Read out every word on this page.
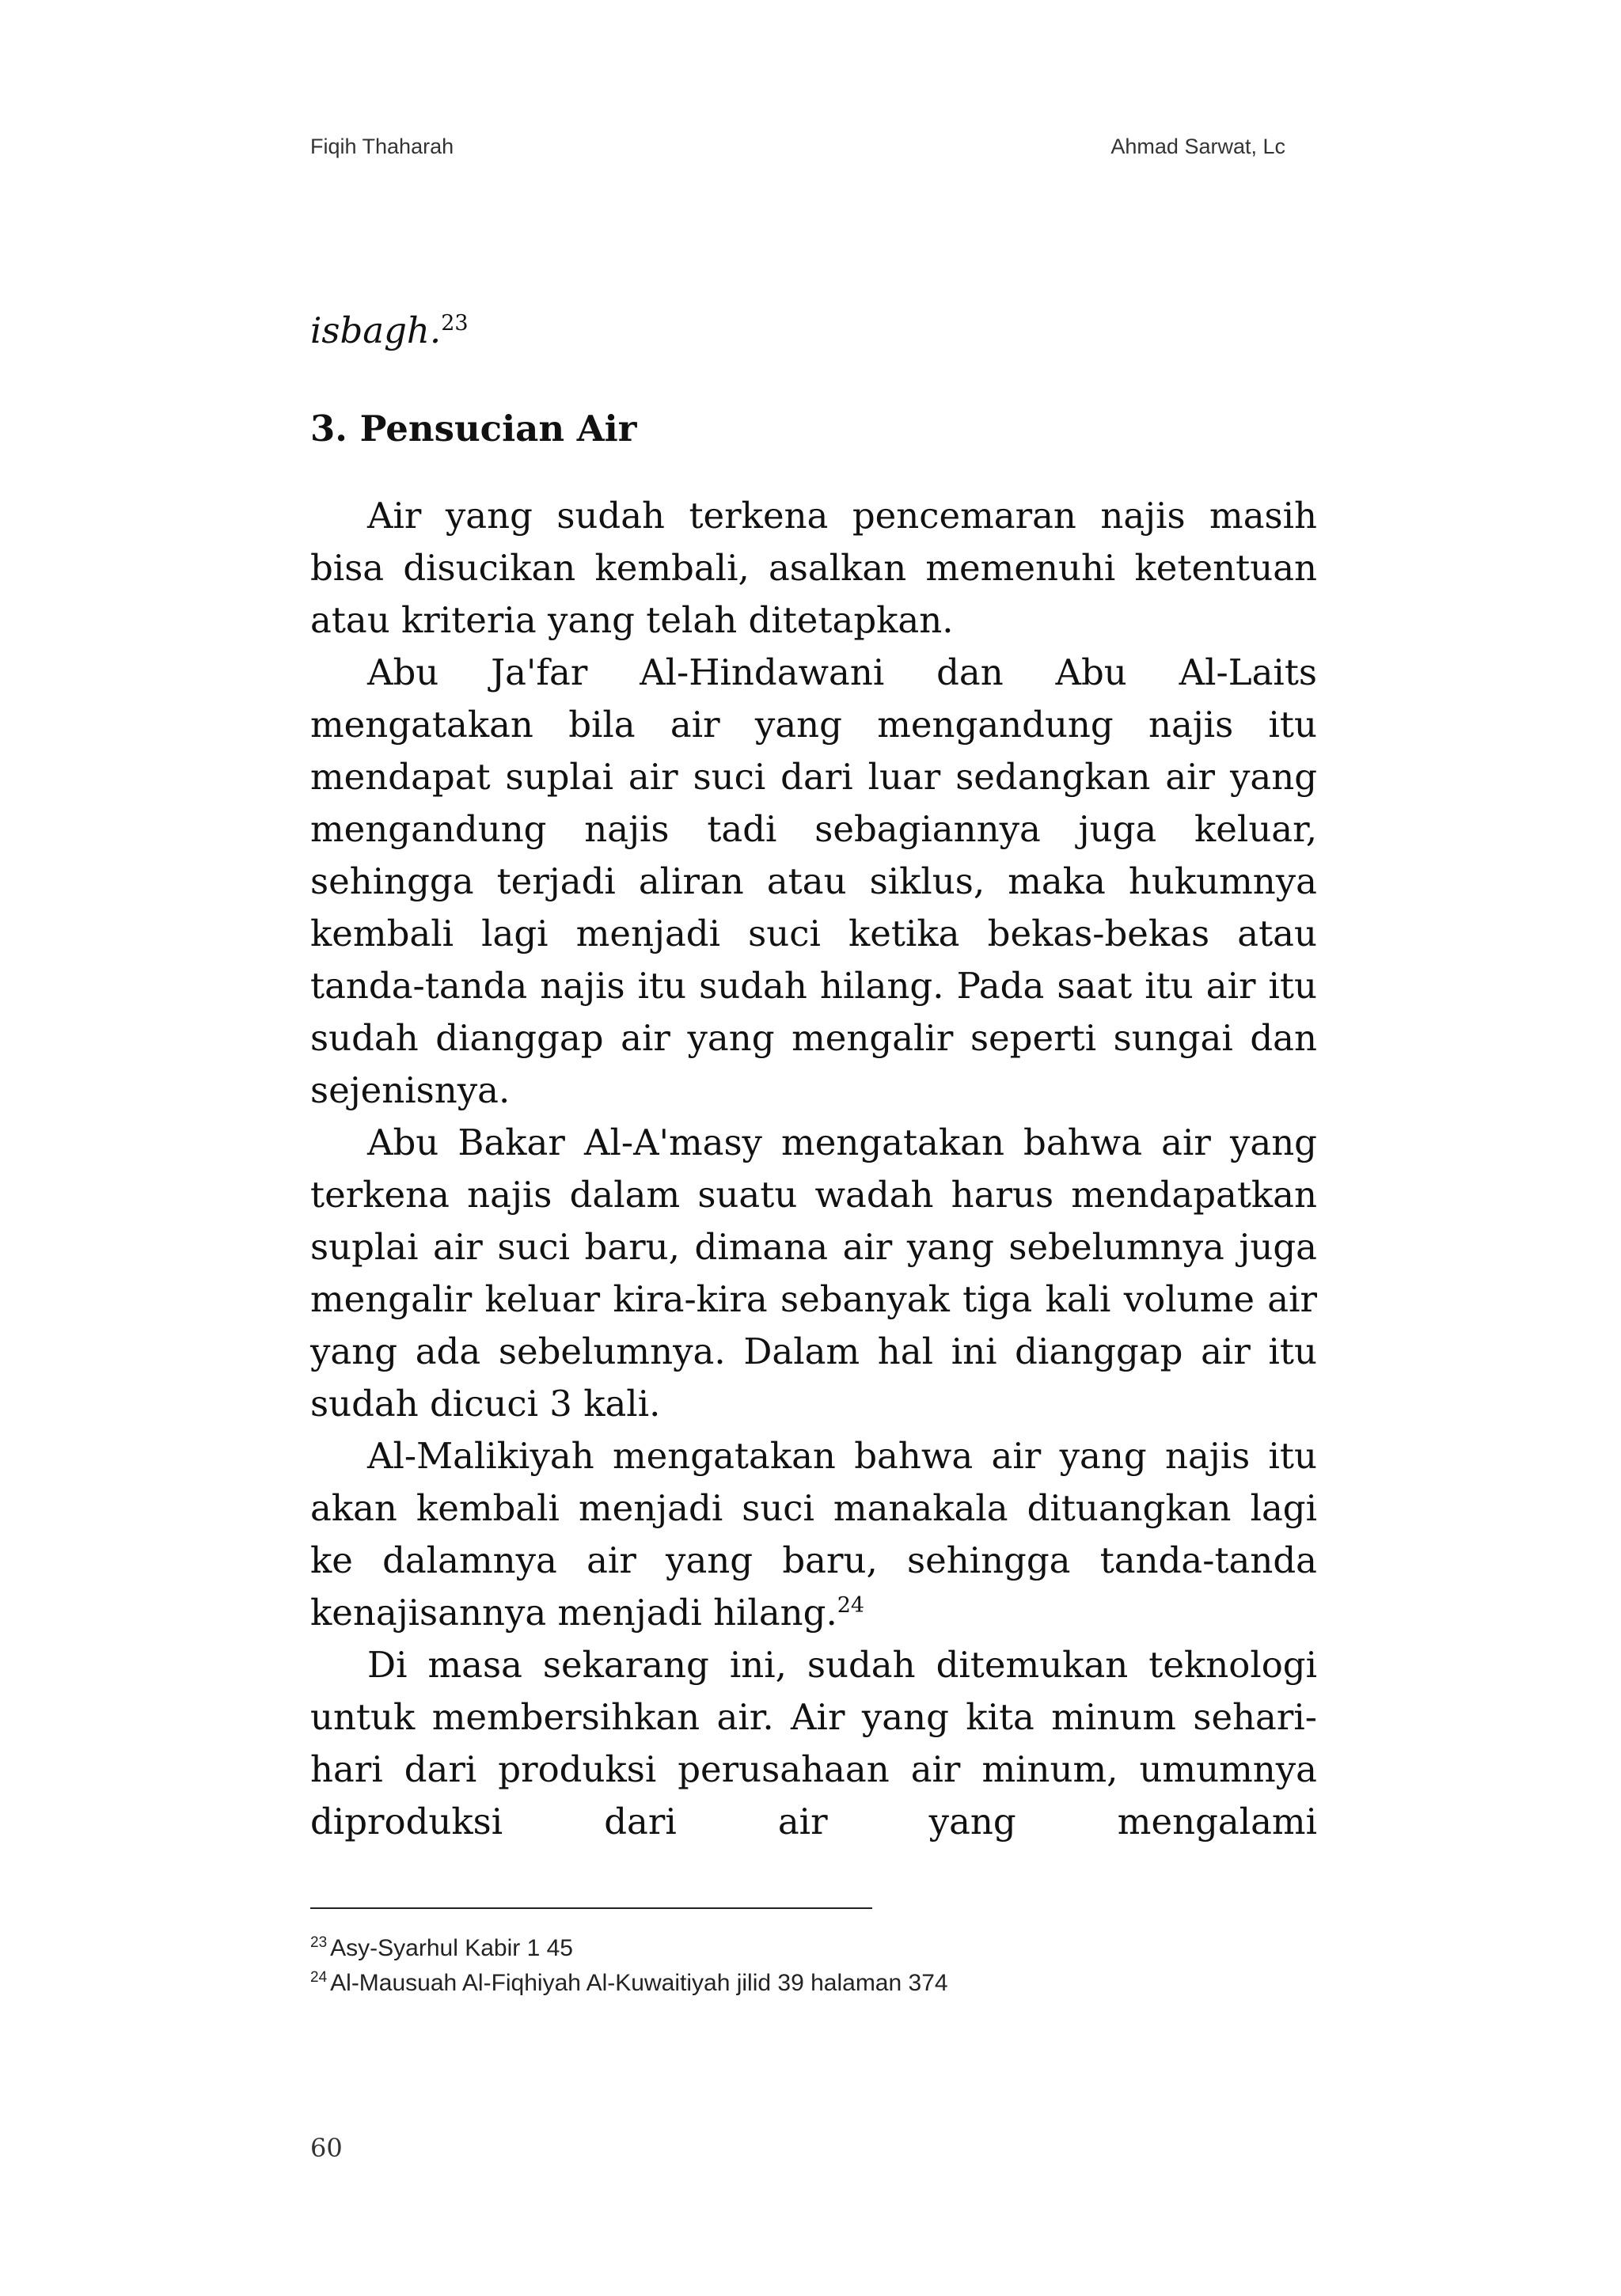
Fiqih Thaharah	Ahmad Sarwat, Lc

isbagh.$^{23}$

3. Pensucian Air

Air yang sudah terkena pencemaran najis masih bisa disucikan kembali, asalkan memenuhi ketentuan atau kriteria yang telah ditetapkan.

Abu Ja'far Al-Hindawani dan Abu Al-Laits mengatakan bila air yang mengandung najis itu mendapat suplai air suci dari luar sedangkan air yang mengandung najis tadi sebagiannya juga keluar, sehingga terjadi aliran atau siklus, maka hukumnya kembali lagi menjadi suci ketika bekas-bekas atau tanda-tanda najis itu sudah hilang. Pada saat itu air itu sudah dianggap air yang mengalir seperti sungai dan sejenisnya.

Abu Bakar Al-A'masy mengatakan bahwa air yang terkena najis dalam suatu wadah harus mendapatkan suplai air suci baru, dimana air yang sebelumnya juga mengalir keluar kira-kira sebanyak tiga kali volume air yang ada sebelumnya. Dalam hal ini dianggap air itu sudah dicuci 3 kali.

Al-Malikiyah mengatakan bahwa air yang najis itu akan kembali menjadi suci manakala dituangkan lagi ke dalamnya air yang baru, sehingga tanda-tanda kenajisannya menjadi hilang.$^{24}$

Di masa sekarang ini, sudah ditemukan teknologi untuk membersihkan air. Air yang kita minum sehari-hari dari produksi perusahaan air minum, umumnya diproduksi dari air yang mengalami

$^{23}$ Asy-Syarhul Kabir 1 45
$^{24}$ Al-Mausuah Al-Fiqhiyah Al-Kuwaitiyah jilid 39 halaman 374
60
